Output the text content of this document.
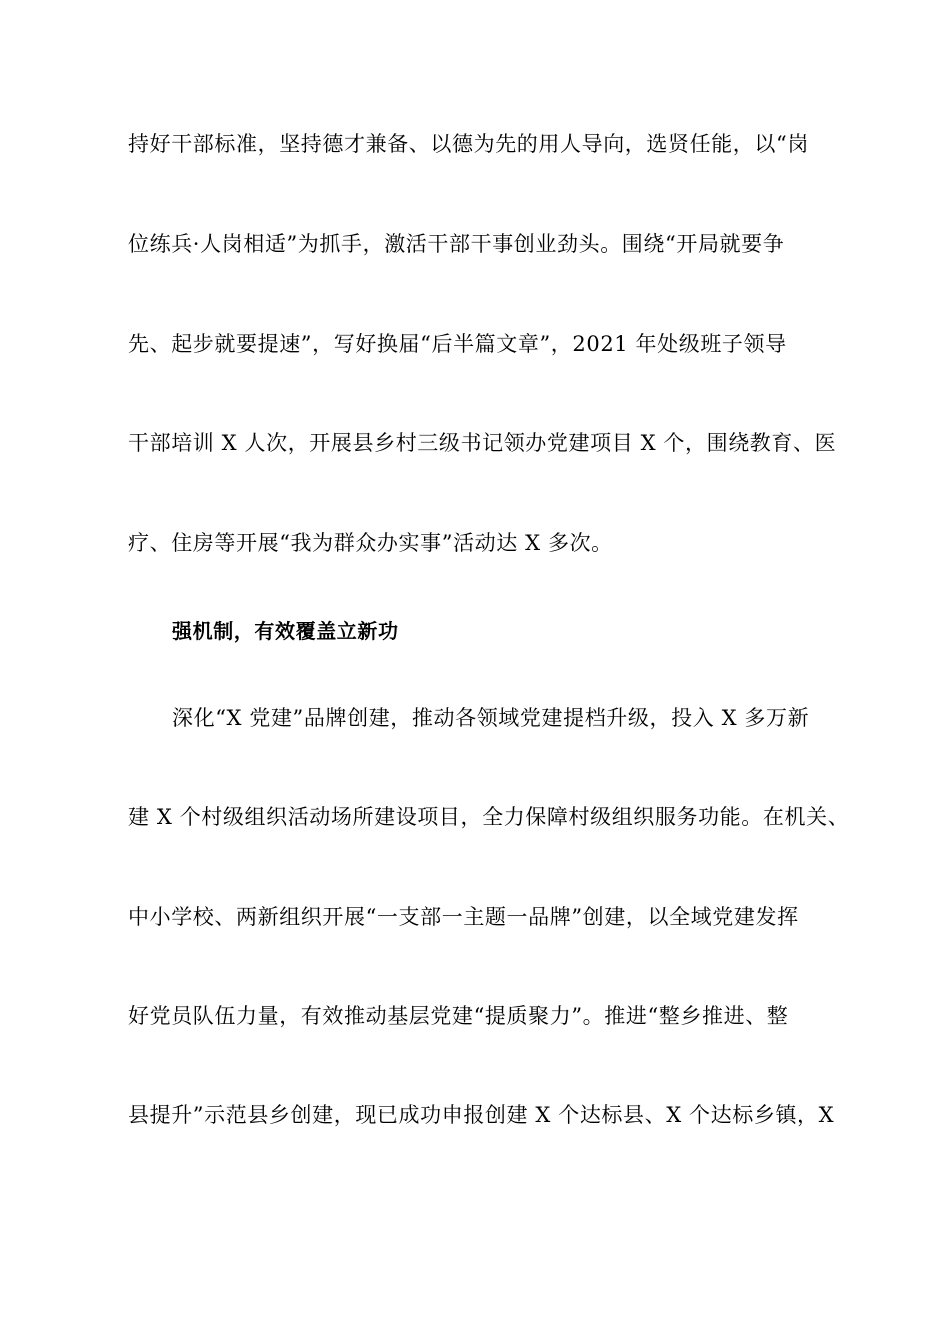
持好干部标准，坚持德才兼备、以德为先的用人导向，选贤任能，以“岗
位练兵·人岗相适”为抓手，激活干部干事创业劲头。围绕“开局就要争
先、起步就要提速”，写好换届“后半篇文章”，2021 年处级班子领导
干部培训 X 人次，开展县乡村三级书记领办党建项目 X 个，围绕教育、医
疗、住房等开展“我为群众办实事”活动达 X 多次。
强机制，有效覆盖立新功
深化“X 党建”品牌创建，推动各领域党建提档升级，投入 X 多万新
建 X 个村级组织活动场所建设项目，全力保障村级组织服务功能。在机关、
中小学校、两新组织开展“一支部一主题一品牌”创建，以全域党建发挥
好党员队伍力量，有效推动基层党建“提质聚力”。推进“整乡推进、整
县提升”示范县乡创建，现已成功申报创建 X 个达标县、X 个达标乡镇，X
